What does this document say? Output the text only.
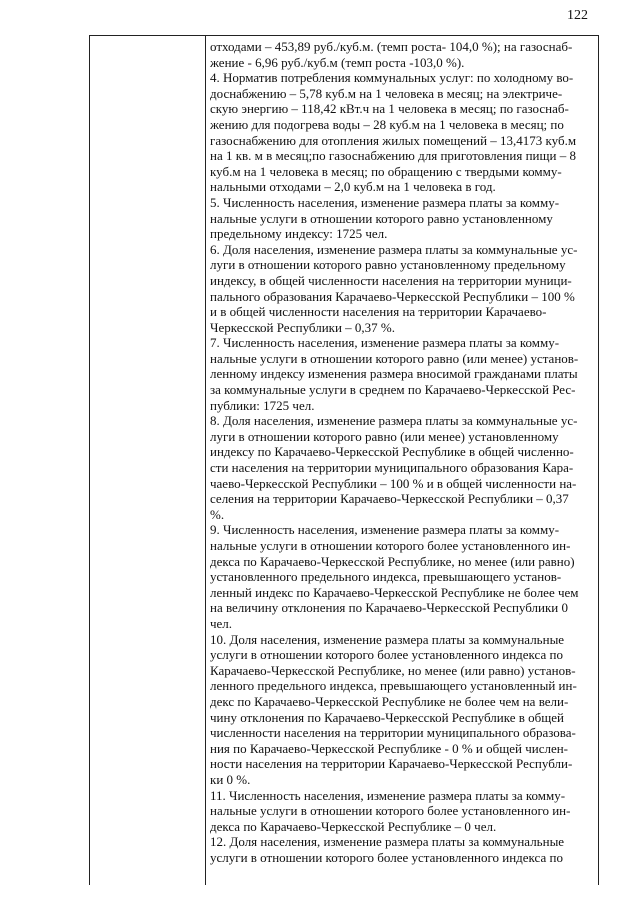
122
отходами – 453,89 руб./куб.м. (темп роста- 104,0 %); на газоснаб-
жение - 6,96 руб./куб.м (темп роста -103,0 %).
4. Норматив потребления коммунальных услуг: по холодному во-
доснабжению – 5,78 куб.м на 1 человека в месяц; на электриче-
скую энергию – 118,42 кВт.ч на 1 человека в месяц; по газоснаб-
жению для подогрева воды – 28 куб.м на 1 человека в месяц; по
газоснабжению для отопления жилых помещений – 13,4173 куб.м
на 1 кв. м в месяц;по газоснабжению для приготовления пищи – 8
куб.м на 1 человека в месяц; по обращению с твердыми комму-
нальными отходами – 2,0 куб.м на 1 человека в год.
5. Численность населения, изменение размера платы за комму-
нальные услуги в отношении которого равно установленному
предельному индексу: 1725 чел.
6. Доля населения, изменение размера платы за коммунальные ус-
луги в отношении которого равно установленному предельному
индексу, в общей численности населения на территории муници-
пального образования Карачаево-Черкесской Республики – 100 %
и в общей численности населения на территории Карачаево-
Черкесской Республики – 0,37 %.
7. Численность населения, изменение размера платы за комму-
нальные услуги в отношении которого равно (или менее) установ-
ленному индексу изменения размера вносимой гражданами платы
за коммунальные услуги в среднем по Карачаево-Черкесской Рес-
публики: 1725 чел.
8. Доля населения, изменение размера платы за коммунальные ус-
луги в отношении которого равно (или менее) установленному
индексу по Карачаево-Черкесской Республике в общей численно-
сти населения на территории муниципального образования Кара-
чаево-Черкесской Республики – 100 % и в общей численности на-
селения на территории Карачаево-Черкесской Республики – 0,37
%.
9. Численность населения, изменение размера платы за комму-
нальные услуги в отношении которого более установленного ин-
декса по Карачаево-Черкесской Республике, но менее (или равно)
установленного предельного индекса, превышающего установ-
ленный индекс по Карачаево-Черкесской Республике не более чем
на величину отклонения по Карачаево-Черкесской Республики 0
чел.
10. Доля населения, изменение размера платы за коммунальные
услуги в отношении которого более установленного индекса по
Карачаево-Черкесской Республике, но менее (или равно) установ-
ленного предельного индекса, превышающего установленный ин-
декс по Карачаево-Черкесской Республике не более чем на вели-
чину отклонения по Карачаево-Черкесской Республике в общей
численности населения на территории муниципального образова-
ния по Карачаево-Черкесской Республике - 0 % и общей числен-
ности населения на территории Карачаево-Черкесской Республи-
ки 0 %.
11. Численность населения, изменение размера платы за комму-
нальные услуги в отношении которого более установленного ин-
декса по Карачаево-Черкесской Республике – 0 чел.
12. Доля населения, изменение размера платы за коммунальные
услуги в отношении которого более установленного индекса по
